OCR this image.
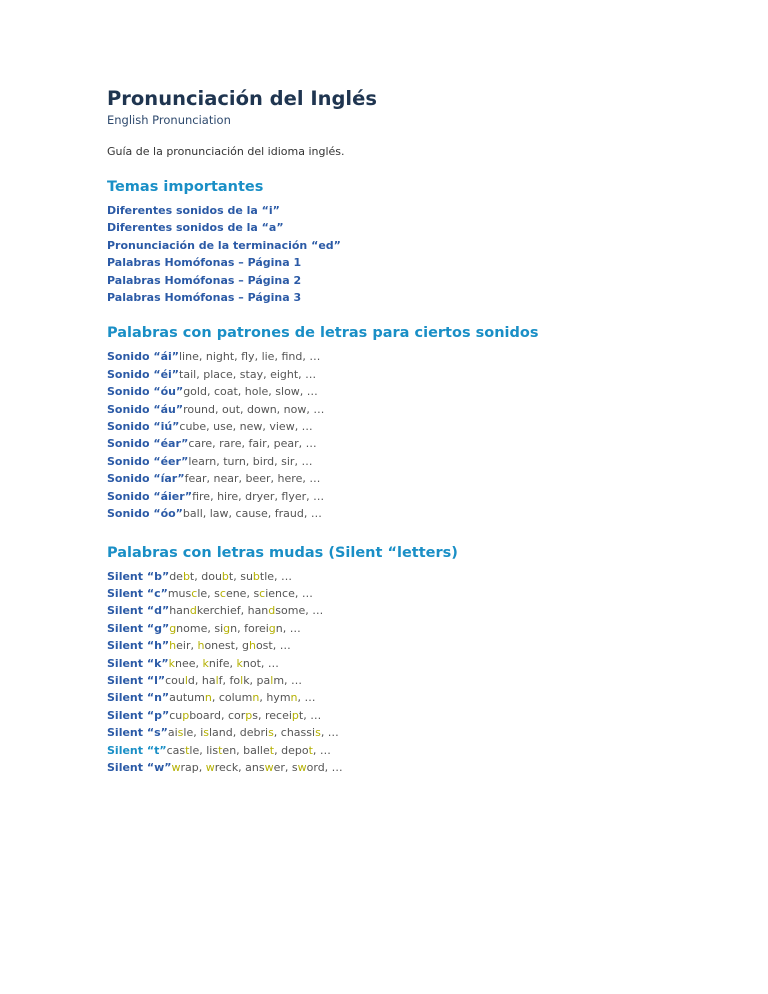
Pronunciación del Inglés
English Pronunciation
Guía de la pronunciación del idioma inglés.
Temas importantes
Diferentes sonidos de la “i”
Diferentes sonidos de la “a”
Pronunciación de la terminación “ed”
Palabras Homófonas – Página 1
Palabras Homófonas – Página 2
Palabras Homófonas – Página 3
Palabras con patrones de letras para ciertos sonidos
Sonido “ái”line, night, fly, lie, find, …
Sonido “éi”tail, place, stay, eight, …
Sonido “óu”gold, coat, hole, slow, …
Sonido “áu”round, out, down, now, …
Sonido “iú”cube, use, new, view, …
Sonido “éar”care, rare, fair, pear, …
Sonido “éer”learn, turn, bird, sir, …
Sonido “íar”fear, near, beer, here, …
Sonido “áier”fire, hire, dryer, flyer, …
Sonido “óo”ball, law, cause, fraud, …
Palabras con letras mudas (Silent “letters)
Silent “b”debt, doubt, subtle, …
Silent “c”muscle, scene, science, …
Silent “d”handkerchief, handsome, …
Silent “g”gnome, sign, foreign, …
Silent “h”heir, honest, ghost, …
Silent “k”knee, knife, knot, …
Silent “l”could, half, folk, palm, …
Silent “n”autumn, column, hymn, …
Silent “p”cupboard, corps, receipt, …
Silent “s”aisle, island, debris, chassis, …
Silent “t”castle, listen, ballet, depot, …
Silent “w”wrap, wreck, answer, sword, …
